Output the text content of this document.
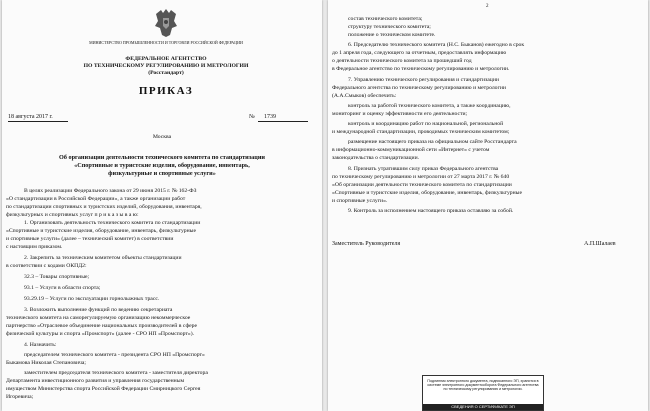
МИНИСТЕРСТВО ПРОМЫШЛЕННОСТИ И ТОРГОВЛИ РОССИЙСКОЙ ФЕДЕРАЦИИ
ФЕДЕРАЛЬНОЕ АГЕНТСТВО
ПО ТЕХНИЧЕСКОМУ РЕГУЛИРОВАНИЮ И МЕТРОЛОГИИ
(Росстандарт)
ПРИКАЗ
18 августа 2017 г.	№ 1739
Москва
Об организации деятельности технического комитета по стандартизации
«Спортивные и туристские изделия, оборудование, инвентарь,
физкультурные и спортивные услуги»
В целях реализации Федерального закона от 29 июня 2015 г. № 162-ФЗ
«О стандартизации в Российской Федерации», а также организации работ
по стандартизации спортивных и туристских изделий, оборудования, инвентаря,
физкультурных и спортивных услуг п р и к а з ы в а ю:
1. Организовать деятельность технического комитета по стандартизации
«Спортивные и туристские изделия, оборудование, инвентарь, физкультурные
и спортивные услуги» (далее – технический комитет) в соответствии
с настоящим приказом.
2. Закрепить за техническим комитетом объекты стандартизации
в соответствии с кодами ОКПД2:
32.3 – Товары спортивные;
93.1 – Услуги в области спорта;
93.29.19 – Услуги по эксплуатации горнолыжных трасс.
3. Возложить выполнение функций по ведению секретариата
технического комитета на саморегулируемую организацию некоммерческое
партнерство «Отраслевое объединение национальных производителей в сфере
физической культуры и спорта «Промспорт» (далее - СРО НП «Промспорт»).
4. Назначить:
председателем технического комитета - президента СРО НП «Промспорт»
Быкамова Николая Степановича;
заместителем председателя технического комитета - заместителя директора
Департамента инвестиционного развития и управления государственным
имуществом Министерства спорта Российской Федерации Смирницкого Сергея
Игоревича;
2
состав технического комитета;
структуру технического комитета;
положение о техническом комитете.
6. Председателю технического комитета (Н.С. Быканов) ежегодно в срок
до 1 апреля года, следующего за отчетным, предоставлять информацию
о деятельности технического комитета за прошедший год
в Федеральное агентство по техническому регулированию и метрологии.
7. Управлению технического регулирования и стандартизации
Федерального агентства по техническому регулированию и метрологии
(А.А.Смыков) обеспечить:
контроль за работой технического комитета, а также координацию,
мониторинг и оценку эффективности его деятельности;
контроль и координацию работ по национальной, региональной
и международной стандартизации, проводимых техническим комитетом;
размещение настоящего приказа на официальном сайте Росстандарта
в информационно-коммуникационной сети «Интернет» с учетом
законодательства о стандартизации.
8. Признать утратившим силу приказ Федерального агентства
по техническому регулированию и метрологии от 27 марта 2017 г. № 640
«Об организации деятельности технического комитета по стандартизации
«Спортивные и туристские изделия, оборудование, инвентарь, физкультурные
и спортивные услуги».
9. Контроль за исполнением настоящего приказа оставляю за собой.
Заместитель Руководителя	А.П.Шалаев
Подлинник электронного документа, подписанного ЭП, хранится в системе электронного документооборота Федерального агентства по техническому регулированию и метрологии.
СВЕДЕНИЯ О СЕРТИФИКАТЕ ЭП
